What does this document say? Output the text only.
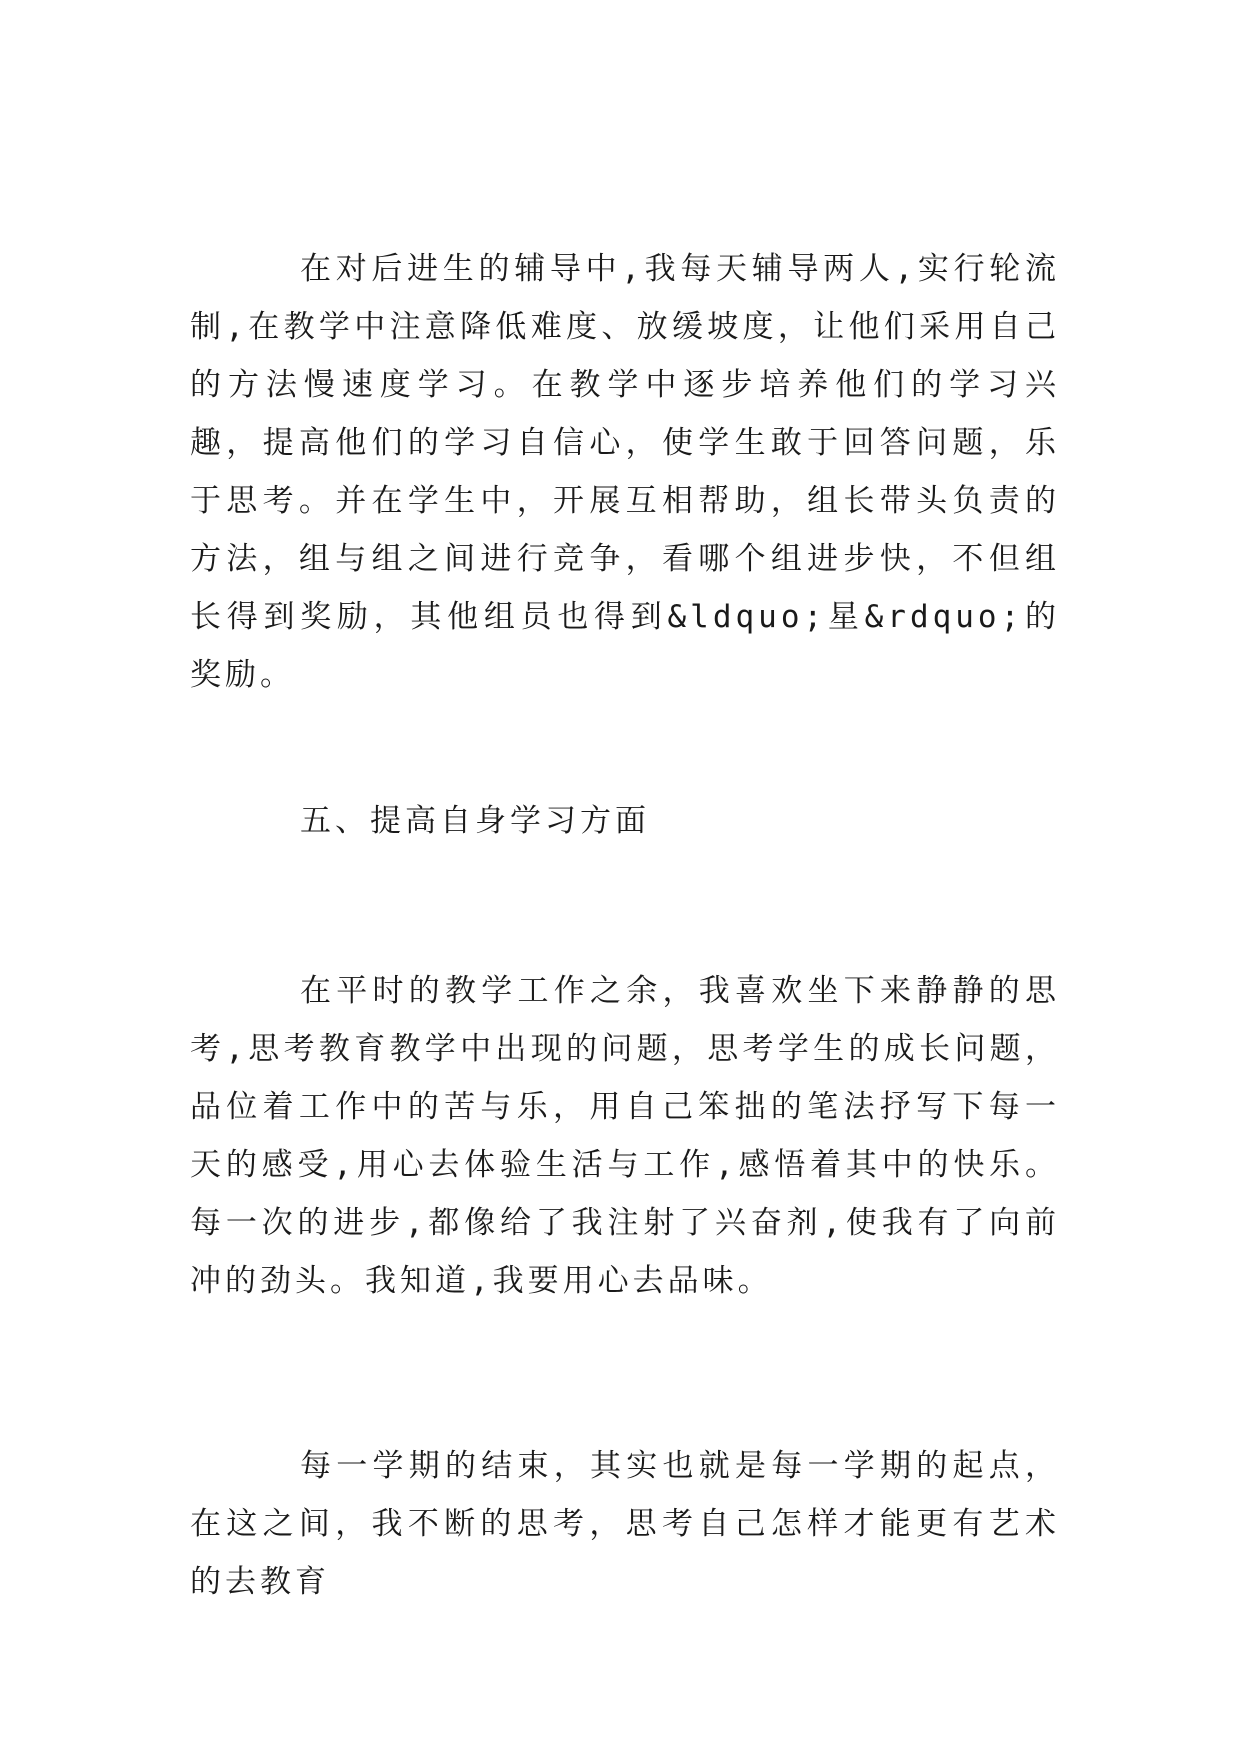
在对后进生的辅导中,我每天辅导两人,实行轮流制,在教学中注意降低难度、放缓坡度，让他们采用自己的方法慢速度学习。在教学中逐步培养他们的学习兴趣，提高他们的学习自信心，使学生敢于回答问题，乐于思考。并在学生中，开展互相帮助，组长带头负责的方法，组与组之间进行竞争，看哪个组进步快，不但组长得到奖励，其他组员也得到&ldquo;星&rdquo;的奖励。

五、提高自身学习方面

在平时的教学工作之余，我喜欢坐下来静静的思考,思考教育教学中出现的问题，思考学生的成长问题，品位着工作中的苦与乐，用自己笨拙的笔法抒写下每一天的感受,用心去体验生活与工作,感悟着其中的快乐。每一次的进步,都像给了我注射了兴奋剂,使我有了向前冲的劲头。我知道,我要用心去品味。

每一学期的结束，其实也就是每一学期的起点，在这之间，我不断的思考，思考自己怎样才能更有艺术的去教育
